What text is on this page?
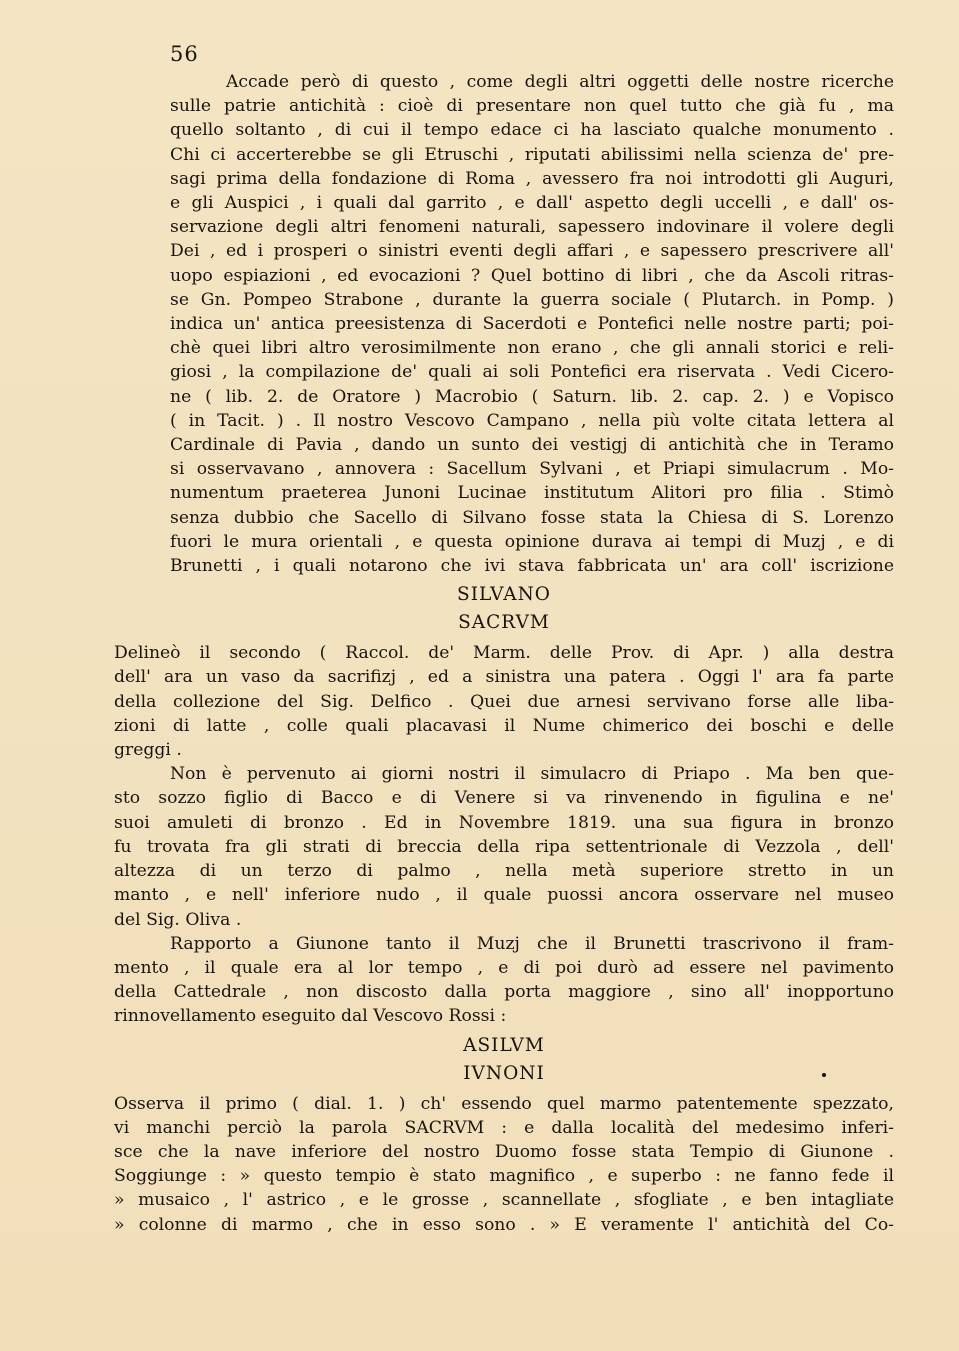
56

Accade però di questo , come degli altri oggetti delle nostre ricerche
sulle patrie antichità : cioè di presentare non quel tutto che già fu , ma
quello soltanto , di cui il tempo edace ci ha lasciato qualche monumento .
Chi ci accerterebbe se gli Etruschi , riputati abilissimi nella scienza de' pre-
sagi prima della fondazione di Roma , avessero fra noi introdotti gli Auguri,
e gli Auspici , i quali dal garrito , e dall' aspetto degli uccelli , e dall' os-
servazione degli altri fenomeni naturali, sapessero indovinare il volere degli
Dei , ed i prosperi o sinistri eventi degli affari , e sapessero prescrivere all'
uopo espiazioni , ed evocazioni ? Quel bottino di libri , che da Ascoli ritras-
se Gn. Pompeo Strabone , durante la guerra sociale ( Plutarch. in Pomp. )
indica un' antica preesistenza di Sacerdoti e Pontefici nelle nostre parti; poi-
chè quei libri altro verosimilmente non erano , che gli annali storici e reli-
giosi , la compilazione de' quali ai soli Pontefici era riservata . Vedi Cicero-
ne ( lib. 2. de Oratore ) Macrobio ( Saturn. lib. 2. cap. 2. ) e Vopisco
( in Tacit. ) . Il nostro Vescovo Campano , nella più volte citata lettera al
Cardinale di Pavia , dando un sunto dei vestigj di antichità che in Teramo
si osservavano , annovera : Sacellum Sylvani , et Priapi simulacrum . Mo-
numentum praeterea Junoni Lucinae institutum Alitori pro filia . Stimò
senza dubbio che Sacello di Silvano fosse stata la Chiesa di S. Lorenzo
fuori le mura orientali , e questa opinione durava ai tempi di Muzj , e di
Brunetti , i quali notarono che ivi stava fabbricata un' ara coll' iscrizione

SILVANO
SACRVM

Delineò il secondo ( Raccol. de' Marm. delle Prov. di Apr. ) alla destra
dell' ara un vaso da sacrifizj , ed a sinistra una patera . Oggi l' ara fa parte
della collezione del Sig. Delfico . Quei due arnesi servivano forse alle liba-
zioni di latte , colle quali placavasi il Nume chimerico dei boschi e delle
greggi .

Non è pervenuto ai giorni nostri il simulacro di Priapo . Ma ben que-
sto sozzo figlio di Bacco e di Venere si va rinvenendo in figulina e ne'
suoi amuleti di bronzo . Ed in Novembre 1819. una sua figura in bronzo
fu trovata fra gli strati di breccia della ripa settentrionale di Vezzola , dell'
altezza di un terzo di palmo , nella metà superiore stretto in un
manto , e nell' inferiore nudo , il quale puossi ancora osservare nel museo
del Sig. Oliva .

Rapporto a Giunone tanto il Muzj che il Brunetti trascrivono il fram-
mento , il quale era al lor tempo , e di poi durò ad essere nel pavimento
della Cattedrale , non discosto dalla porta maggiore , sino all' inopportuno
rinnovellamento eseguito dal Vescovo Rossi :

ASILVM
IVNONI

Osserva il primo ( dial. 1. ) ch' essendo quel marmo patentemente spezzato,
vi manchi perciò la parola SACRVM : e dalla località del medesimo inferi-
sce che la nave inferiore del nostro Duomo fosse stata Tempio di Giunone .
Soggiunge : » questo tempio è stato magnifico , e superbo : ne fanno fede il
» musaico , l' astrico , e le grosse , scannellate , sfogliate , e ben intagliate
» colonne di marmo , che in esso sono . » E veramente l' antichità del Co-
